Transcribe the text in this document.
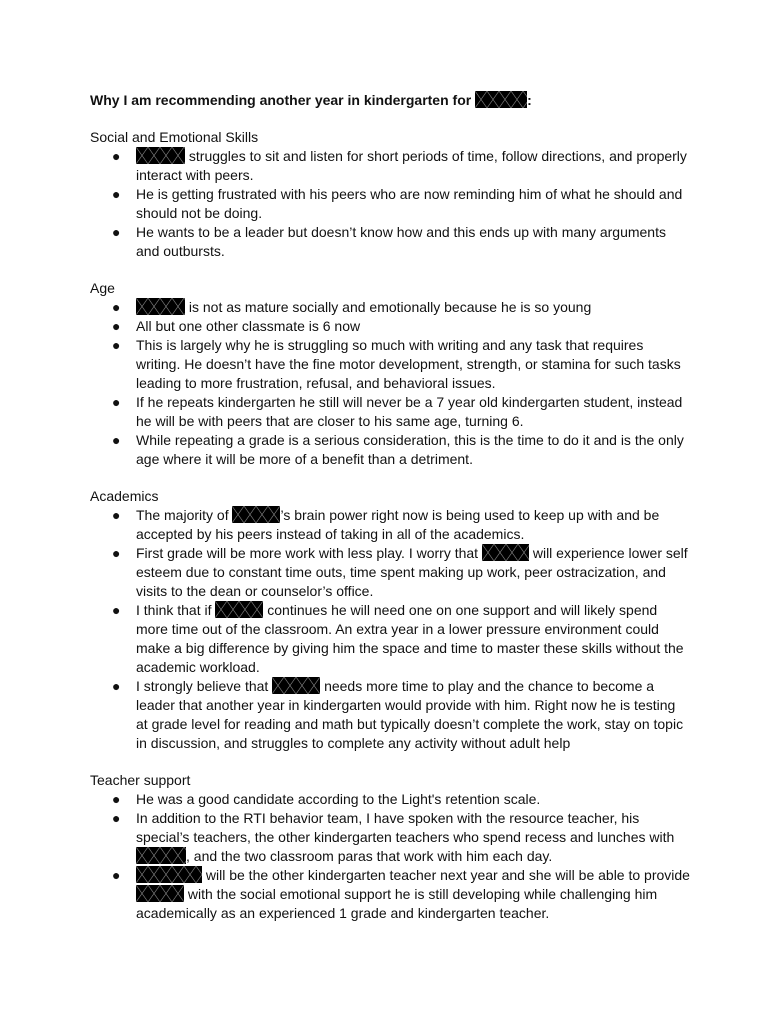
Why I am recommending another year in kindergarten for	:

Social and Emotional Skills

●	struggles to sit and listen for short periods of time, follow directions, and properly interact with peers.
● He is getting frustrated with his peers who are now reminding him of what he should and should not be doing.
● He wants to be a leader but doesn’t know how and this ends up with many arguments and outbursts.

Age

●	is not as mature socially and emotionally because he is so young
● All but one other classmate is 6 now
● This is largely why he is struggling so much with writing and any task that requires writing. He doesn’t have the fine motor development, strength, or stamina for such tasks leading to more frustration, refusal, and behavioral issues.
● If he repeats kindergarten he still will never be a 7 year old kindergarten student, instead he will be with peers that are closer to his same age, turning 6.
● While repeating a grade is a serious consideration, this is the time to do it and is the only age where it will be more of a benefit than a detriment.

Academics

● The majority of	’s brain power right now is being used to keep up with and be accepted by his peers instead of taking in all of the academics.
● First grade will be more work with less play. I worry that	will experience lower self esteem due to constant time outs, time spent making up work, peer ostracization, and visits to the dean or counselor’s office.
● I think that if	continues he will need one on one support and will likely spend more time out of the classroom. An extra year in a lower pressure environment could make a big difference by giving him the space and time to master these skills without the academic workload.
● I strongly believe that	needs more time to play and the chance to become a leader that another year in kindergarten would provide with him. Right now he is testing at grade level for reading and math but typically doesn’t complete the work, stay on topic in discussion, and struggles to complete any activity without adult help

Teacher support

● He was a good candidate according to the Light's retention scale.
● In addition to the RTI behavior team, I have spoken with the resource teacher, his special’s teachers, the other kindergarten teachers who spend recess and lunches with , and the two classroom paras that work with him each day.
●	will be the other kindergarten teacher next year and she will be able to provide  with the social emotional support he is still developing while challenging him academically as an experienced 1 grade and kindergarten teacher.
